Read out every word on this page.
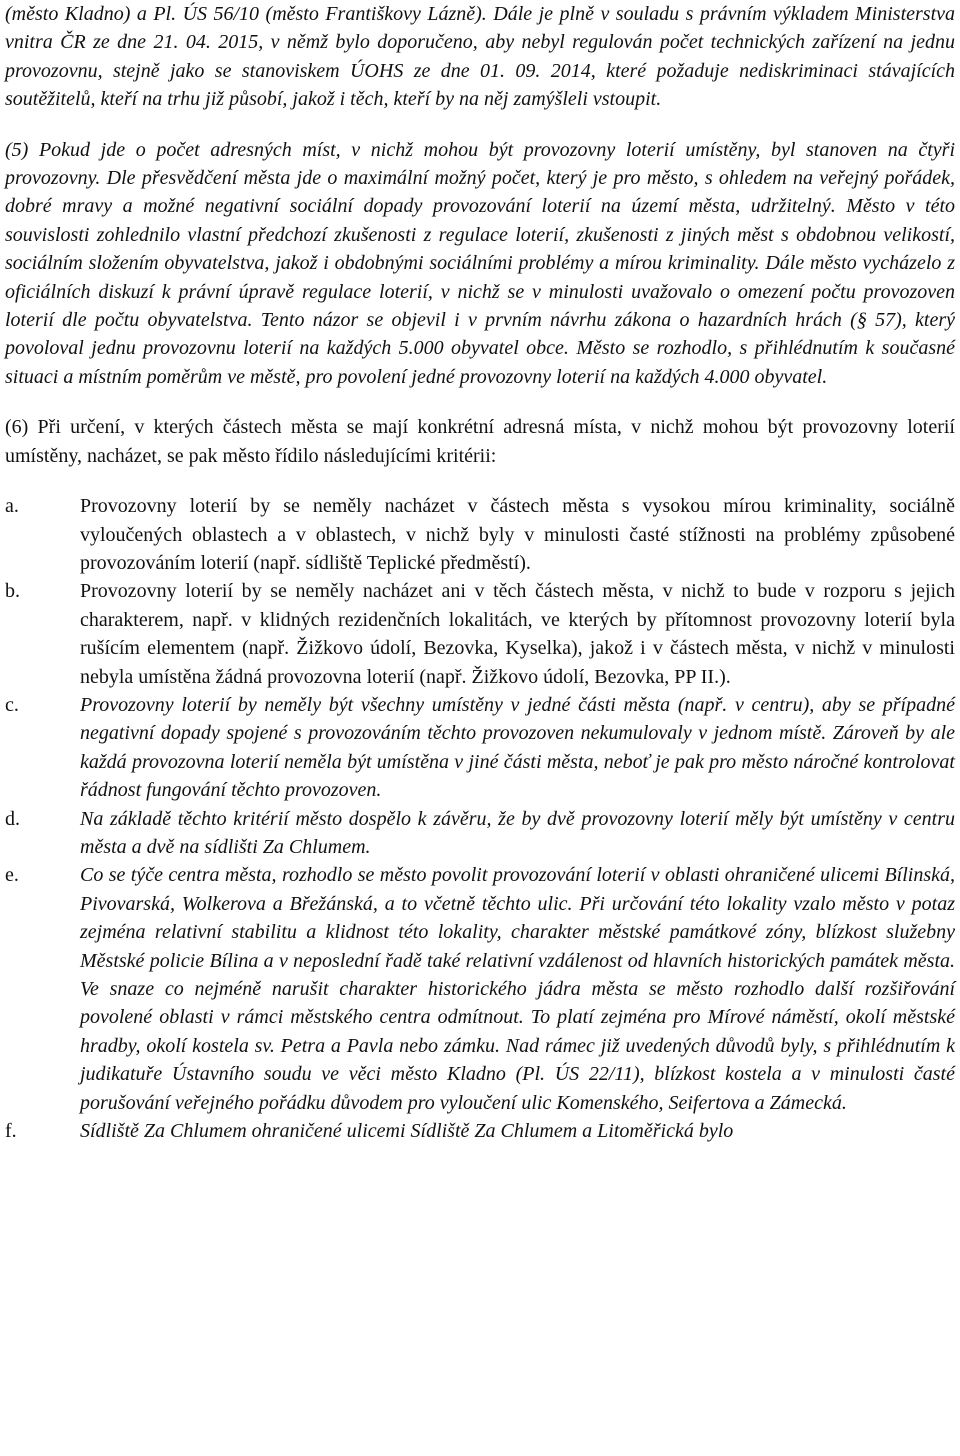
(město Kladno) a Pl. ÚS 56/10 (město Františkovy Lázně). Dále je plně v souladu s právním výkladem Ministerstva vnitra ČR ze dne 21. 04. 2015, v němž bylo doporučeno, aby nebyl regulován počet technických zařízení na jednu provozovnu, stejně jako se stanoviskem ÚOHS ze dne 01. 09. 2014, které požaduje nediskriminaci stávajících soutěžitelů, kteří na trhu již působí, jakož i těch, kteří by na něj zamýšleli vstoupit.

(5) Pokud jde o počet adresných míst, v nichž mohou být provozovny loterií umístěny, byl stanoven na čtyři provozovny. Dle přesvědčení města jde o maximální možný počet, který je pro město, s ohledem na veřejný pořádek, dobré mravy a možné negativní sociální dopady provozování loterií na území města, udržitelný. Město v této souvislosti zohlednilo vlastní předchozí zkušenosti z regulace loterií, zkušenosti z jiných měst s obdobnou velikostí, sociálním složením obyvatelstva, jakož i obdobnými sociálními problémy a mírou kriminality. Dále město vycházelo z oficiálních diskuzí k právní úpravě regulace loterií, v nichž se v minulosti uvažovalo o omezení počtu provozoven loterií dle počtu obyvatelstva. Tento názor se objevil i v prvním návrhu zákona o hazardních hrách (§ 57), který povoloval jednu provozovnu loterií na každých 5.000 obyvatel obce. Město se rozhodlo, s přihlédnutím k současné situaci a místním poměrům ve městě, pro povolení jedné provozovny loterií na každých 4.000 obyvatel.

(6) Při určení, v kterých částech města se mají konkrétní adresná místa, v nichž mohou být provozovny loterií umístěny, nacházet, se pak město řídilo následujícími kritérii:

a.	Provozovny loterií by se neměly nacházet v částech města s vysokou mírou kriminality, sociálně vyloučených oblastech a v oblastech, v nichž byly v minulosti časté stížnosti na problémy způsobené provozováním loterií (např. sídliště Teplické předměstí).
b.	Provozovny loterií by se neměly nacházet ani v těch částech města, v nichž to bude v rozporu s jejich charakterem, např. v klidných rezidenčních lokalitách, ve kterých by přítomnost provozovny loterií byla rušícím elementem (např. Žižkovo údolí, Bezovka, Kyselka), jakož i v částech města, v nichž v minulosti nebyla umístěna žádná provozovna loterií (např. Žižkovo údolí, Bezovka, PP II.).
c.	Provozovny loterií by neměly být všechny umístěny v jedné části města (např. v centru), aby se případné negativní dopady spojené s provozováním těchto provozoven nekumulovaly v jednom místě. Zároveň by ale každá provozovna loterií neměla být umístěna v jiné části města, neboť je pak pro město náročné kontrolovat řádnost fungování těchto provozoven.
d.	Na základě těchto kritérií město dospělo k závěru, že by dvě provozovny loterií měly být umístěny v centru města a dvě na sídlišti Za Chlumem.
e.	Co se týče centra města, rozhodlo se město povolit provozování loterií v oblasti ohraničené ulicemi Bílinská, Pivovarská, Wolkerova a Břežánská, a to včetně těchto ulic. Při určování této lokality vzalo město v potaz zejména relativní stabilitu a klidnost této lokality, charakter městské památkové zóny, blízkost služebny Městské policie Bílina a v neposlední řadě také relativní vzdálenost od hlavních historických památek města. Ve snaze co nejméně narušit charakter historického jádra města se město rozhodlo další rozšiřování povolené oblasti v rámci městského centra odmítnout. To platí zejména pro Mírové náměstí, okolí městské hradby, okolí kostela sv. Petra a Pavla nebo zámku. Nad rámec již uvedených důvodů byly, s přihlédnutím k judikatuře Ústavního soudu ve věci město Kladno (Pl. ÚS 22/11), blízkost kostela a v minulosti časté porušování veřejného pořádku důvodem pro vyloučení ulic Komenského, Seifertova a Zámecká.
f.	Sídliště Za Chlumem ohraničené ulicemi Sídliště Za Chlumem a Litoměřická bylo
